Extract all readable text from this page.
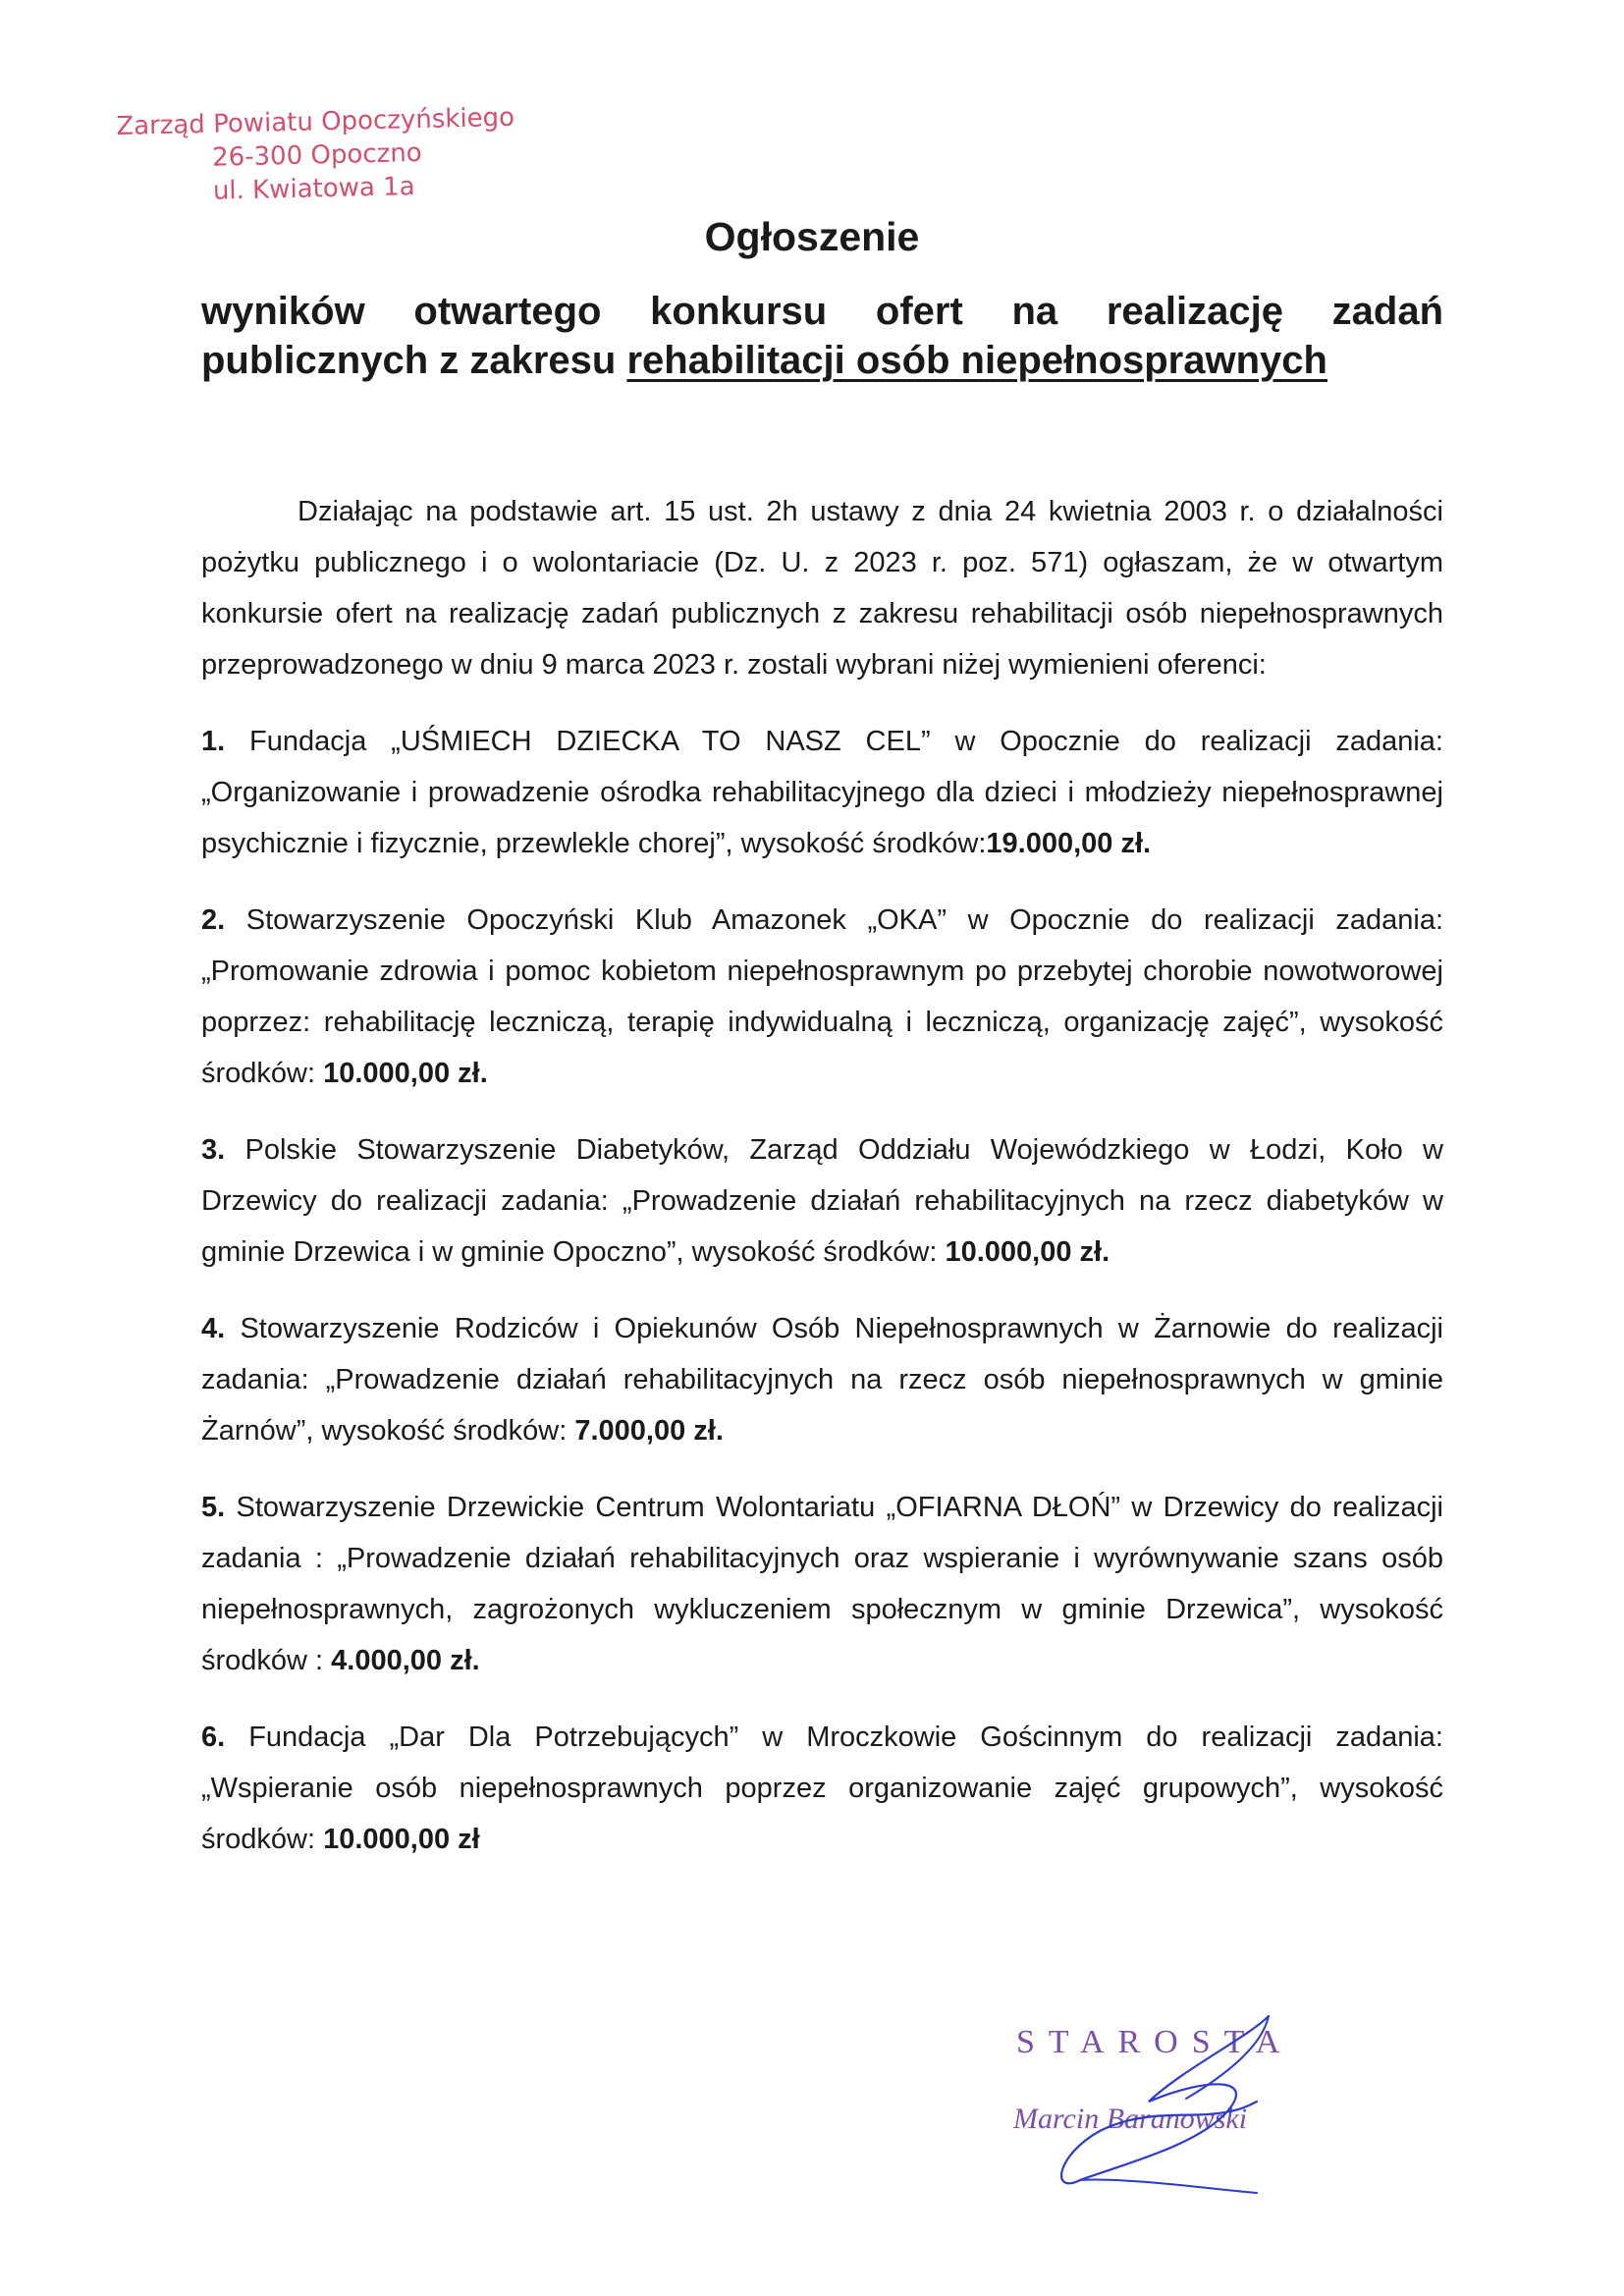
Zarząd Powiatu Opoczyńskiego
26-300 Opoczno
ul. Kwiatowa 1a
Ogłoszenie
wyników otwartego konkursu ofert na realizację zadań
publicznych z zakresu rehabilitacji osób niepełnosprawnych

Działając na podstawie art. 15 ust. 2h ustawy z dnia 24 kwietnia 2003 r. o działalności pożytku publicznego i o wolontariacie (Dz. U. z 2023 r. poz. 571) ogłaszam, że w otwartym konkursie ofert na realizację zadań publicznych z zakresu rehabilitacji osób niepełnosprawnych przeprowadzonego w dniu 9 marca 2023 r. zostali wybrani niżej wymienieni oferenci:

1. Fundacja „UŚMIECH DZIECKA TO NASZ CEL” w Opocznie do realizacji zadania: „Organizowanie i prowadzenie ośrodka rehabilitacyjnego dla dzieci i młodzieży niepełnosprawnej psychicznie i fizycznie, przewlekle chorej”, wysokość środków:19.000,00 zł.

2. Stowarzyszenie Opoczyński Klub Amazonek „OKA” w Opocznie do realizacji zadania: „Promowanie zdrowia i pomoc kobietom niepełnosprawnym po przebytej chorobie nowotworowej poprzez: rehabilitację leczniczą, terapię indywidualną i leczniczą, organizację zajęć”, wysokość środków: 10.000,00 zł.

3. Polskie Stowarzyszenie Diabetyków, Zarząd Oddziału Wojewódzkiego w Łodzi, Koło w Drzewicy do realizacji zadania: „Prowadzenie działań rehabilitacyjnych na rzecz diabetyków w gminie Drzewica i w gminie Opoczno”, wysokość środków: 10.000,00 zł.

4. Stowarzyszenie Rodziców i Opiekunów Osób Niepełnosprawnych w Żarnowie do realizacji zadania: „Prowadzenie działań rehabilitacyjnych na rzecz osób niepełnosprawnych w gminie Żarnów”, wysokość środków: 7.000,00 zł.

5. Stowarzyszenie Drzewickie Centrum Wolontariatu „OFIARNA DŁOŃ” w Drzewicy do realizacji zadania : „Prowadzenie działań rehabilitacyjnych oraz wspieranie i wyrównywanie szans osób niepełnosprawnych, zagrożonych wykluczeniem społecznym w gminie Drzewica”, wysokość środków : 4.000,00 zł.

6. Fundacja „Dar Dla Potrzebujących” w Mroczkowie Gościnnym do realizacji zadania: „Wspieranie osób niepełnosprawnych poprzez organizowanie zajęć grupowych”, wysokość środków: 10.000,00 zł

STAROSTA
Marcin Baranowski
